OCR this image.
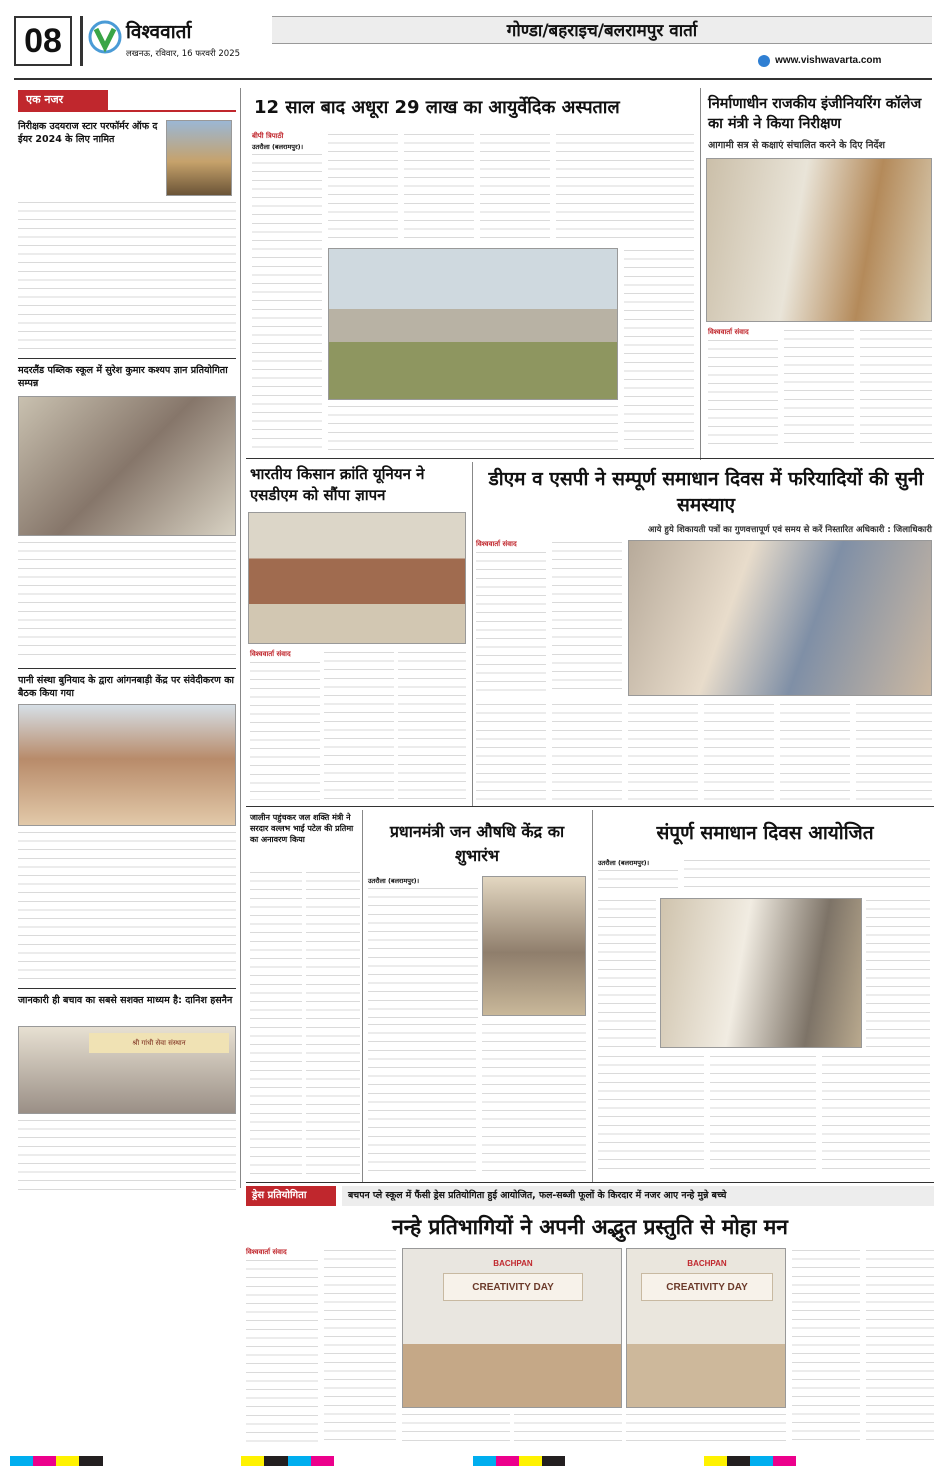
08	विश्ववार्ता
लखनऊ, रविवार, 16 फरवरी 2025
गोण्डा/बहराइच/बलरामपुर वार्ता
www.vishwavarta.com
एक नजर
निरीक्षक उदयराज स्टार परफॉर्मर ऑफ द ईयर 2024 के लिए नामित
मदरलैंड पब्लिक स्कूल में सुरेश कुमार कश्यप ज्ञान प्रतियोगिता सम्पन्न
पानी संस्था बुनियाद के द्वारा आंगनबाड़ी केंद्र पर संवेदीकरण का बैठक किया गया
जानकारी ही बचाव का सबसे सशक्त माध्यम है: दानिश हसनैन
श्री गांधी सेवा संस्थान
12 साल बाद अधूरा 29 लाख का आयुर्वेदिक अस्पताल
बीपी त्रिपाठी
उतरौला (बलरामपुर)।
निर्माणाधीन राजकीय इंजीनियरिंग कॉलेज का मंत्री ने किया निरीक्षण
आगामी सत्र से कक्षाएं संचालित करने के दिए निर्देश
विश्ववार्ता संवाद
भारतीय किसान क्रांति यूनियन ने एसडीएम को सौंपा ज्ञापन
विश्ववार्ता संवाद
डीएम व एसपी ने सम्पूर्ण समाधान दिवस में फरियादियों की सुनी समस्याए
आये हुये शिकायती पत्रों का गुणवत्तापूर्ण एवं समय से करें निस्तारित अधिकारी : जिलाधिकारी
विश्ववार्ता संवाद
जालीन पहुंचकर जल शक्ति मंत्री ने सरदार वल्लभ भाई पटेल की प्रतिमा का अनावरण किया	प्रधानमंत्री जन औषधि केंद्र का शुभारंभ
उतरौला (बलरामपुर)।
संपूर्ण समाधान दिवस आयोजित
उतरौला (बलरामपुर)।
ड्रेस प्रतियोगिता	बचपन प्ले स्कूल में फैंसी ड्रेस प्रतियोगिता हुई आयोजित, फल-सब्जी फूलों के किरदार में नजर आए नन्हे मुन्ने बच्चे
नन्हे प्रतिभागियों ने अपनी अद्भुत प्रस्तुति से मोहा मन
विश्ववार्ता संवाद
BACHPAN
CREATIVITY DAY
BACHPAN
CREATIVITY DAY
